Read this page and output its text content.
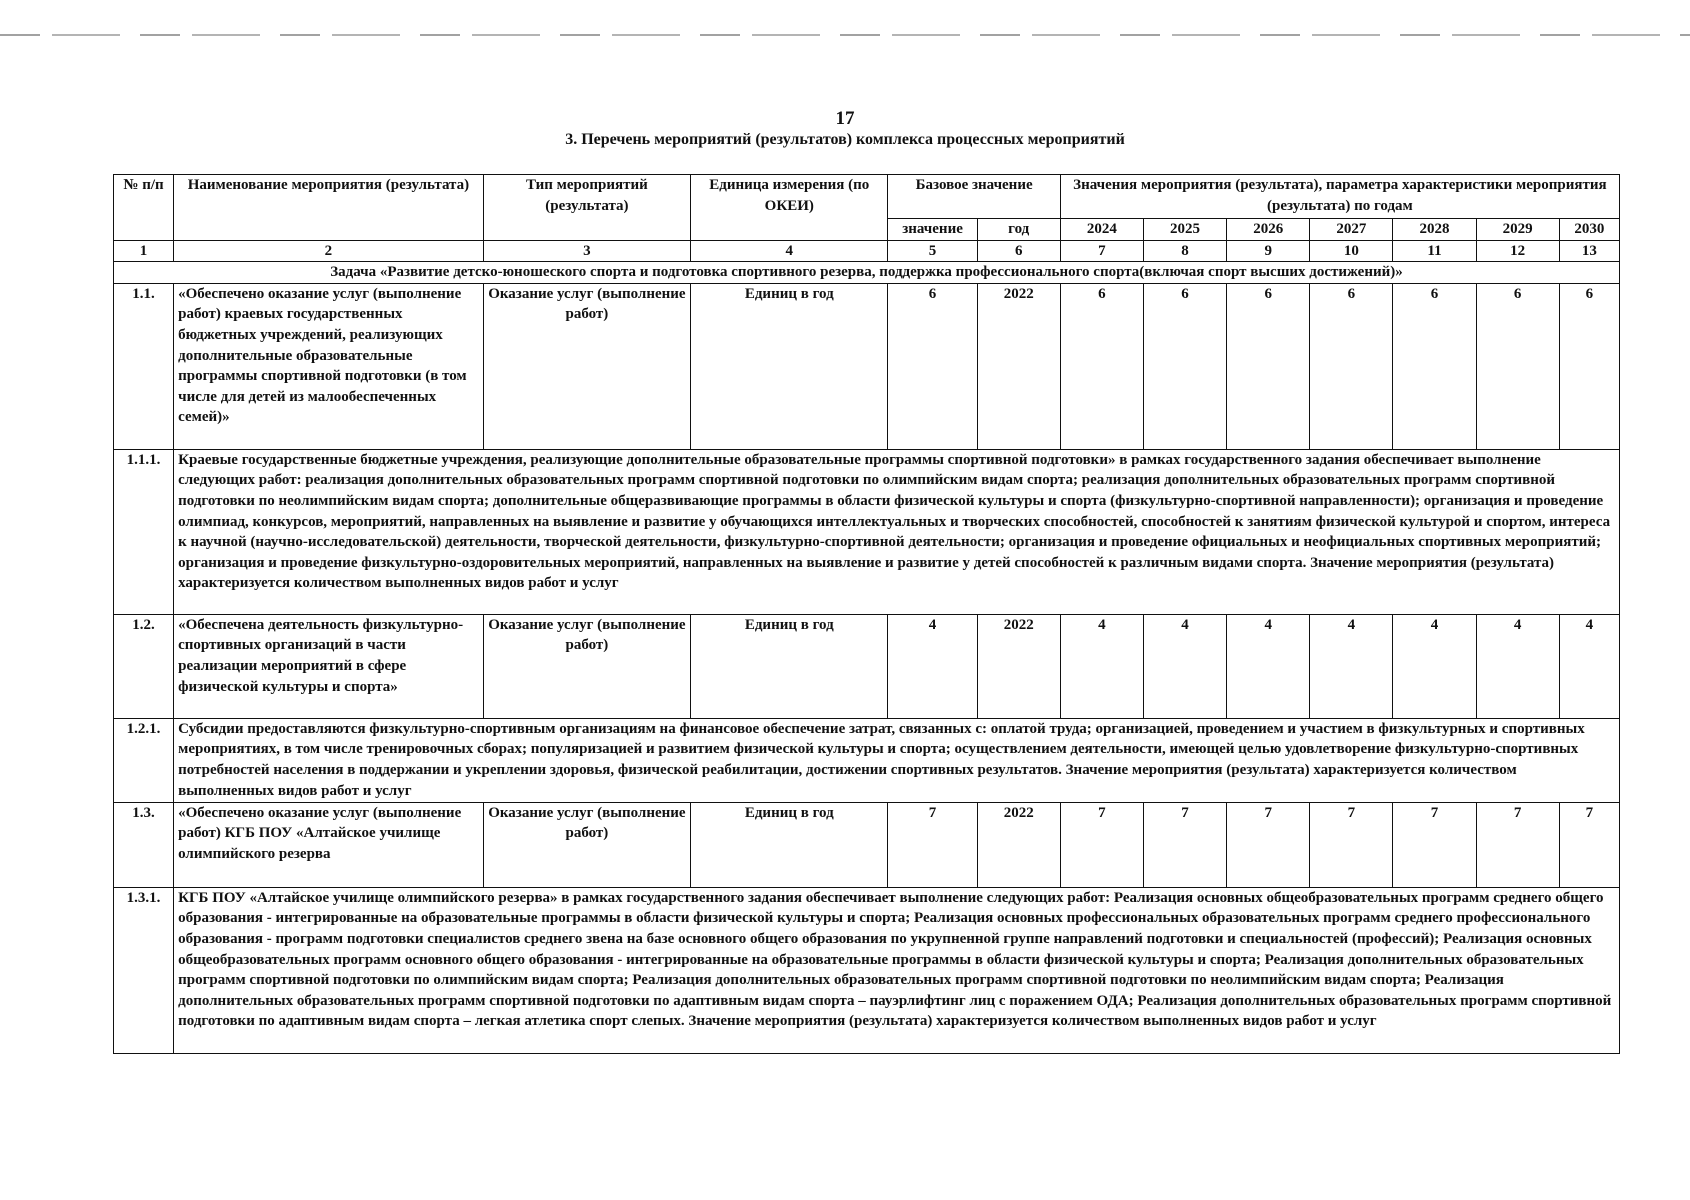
17
3. Перечень мероприятий (результатов) комплекса процессных мероприятий
№ п/п	Наименование мероприятия (результата)	Тип мероприятий (результата)	Единица измерения (по ОКЕИ)	Базовое значение		Значения мероприятия (результата), параметра характеристики мероприятия (результата) по годам						
				значение	год	2024	2025	2026	2027	2028	2029	2030
1	2	3	4	5	6	7	8	9	10	11	12	13
Задача «Развитие детско-юношеского спорта и подготовка спортивного резерва, поддержка профессионального спорта(включая спорт высших достижений)»												
1.1.	«Обеспечено оказание услуг (выполнение работ) краевых государственных бюджетных учреждений, реализующих дополнительные образовательные программы спортивной подготовки (в том числе для детей из малообеспеченных семей)»	Оказание услуг (выполнение работ)	Единиц в год	6	2022	6	6	6	6	6	6	6
1.1.1.	Краевые государственные бюджетные учреждения, реализующие дополнительные образовательные программы спортивной подготовки» в рамках государственного задания обеспечивает выполнение следующих работ: реализация дополнительных образовательных программ спортивной подготовки по олимпийским видам спорта; реализация дополнительных образовательных программ спортивной подготовки по неолимпийским видам спорта; дополнительные общеразвивающие программы в области физической культуры и спорта (физкультурно-спортивной направленности); организация и проведение олимпиад, конкурсов, мероприятий, направленных на выявление и развитие у обучающихся интеллектуальных и творческих способностей, способностей к занятиям физической культурой и спортом, интереса к научной (научно-исследовательской) деятельности, творческой деятельности, физкультурно-спортивной деятельности; организация и проведение официальных и неофициальных спортивных мероприятий; организация и проведение физкультурно-оздоровительных мероприятий, направленных на выявление и развитие у детей способностей к различным видами спорта. Значение мероприятия (результата) характеризуется количеством выполненных видов работ и услуг											
1.2.	«Обеспечена деятельность физкультурно-спортивных организаций в части реализации мероприятий в сфере физической культуры и спорта»	Оказание услуг (выполнение работ)	Единиц в год	4	2022	4	4	4	4	4	4	4
1.2.1.	Субсидии предоставляются физкультурно-спортивным организациям на финансовое обеспечение затрат, связанных с: оплатой труда; организацией, проведением и участием в физкультурных и спортивных мероприятиях, в том числе тренировочных сборах; популяризацией и развитием физической культуры и спорта; осуществлением деятельности, имеющей целью удовлетворение физкультурно-спортивных потребностей населения в поддержании и укреплении здоровья, физической реабилитации, достижении спортивных результатов. Значение мероприятия (результата) характеризуется количеством выполненных видов работ и услуг											
1.3.	«Обеспечено оказание услуг (выполнение работ) КГБ ПОУ «Алтайское училище олимпийского резерва	Оказание услуг (выполнение работ)	Единиц в год	7	2022	7	7	7	7	7	7	7
1.3.1.	КГБ ПОУ «Алтайское училище олимпийского резерва» в рамках государственного задания обеспечивает выполнение следующих работ: Реализация основных общеобразовательных программ среднего общего образования - интегрированные на образовательные программы в области физической культуры и спорта; Реализация основных профессиональных образовательных программ среднего профессионального образования - программ подготовки специалистов среднего звена на базе основного общего образования по укрупненной группе направлений подготовки и специальностей (профессий); Реализация основных общеобразовательных программ основного общего образования - интегрированные на образовательные программы в области физической культуры и спорта; Реализация дополнительных образовательных программ спортивной подготовки по олимпийским видам спорта; Реализация дополнительных образовательных программ спортивной подготовки по неолимпийским видам спорта; Реализация дополнительных образовательных программ спортивной подготовки по адаптивным видам спорта – пауэрлифтинг лиц с поражением ОДА; Реализация дополнительных образовательных программ спортивной подготовки по адаптивным видам спорта – легкая атлетика спорт слепых. Значение мероприятия (результата) характеризуется количеством выполненных видов работ и услуг											
